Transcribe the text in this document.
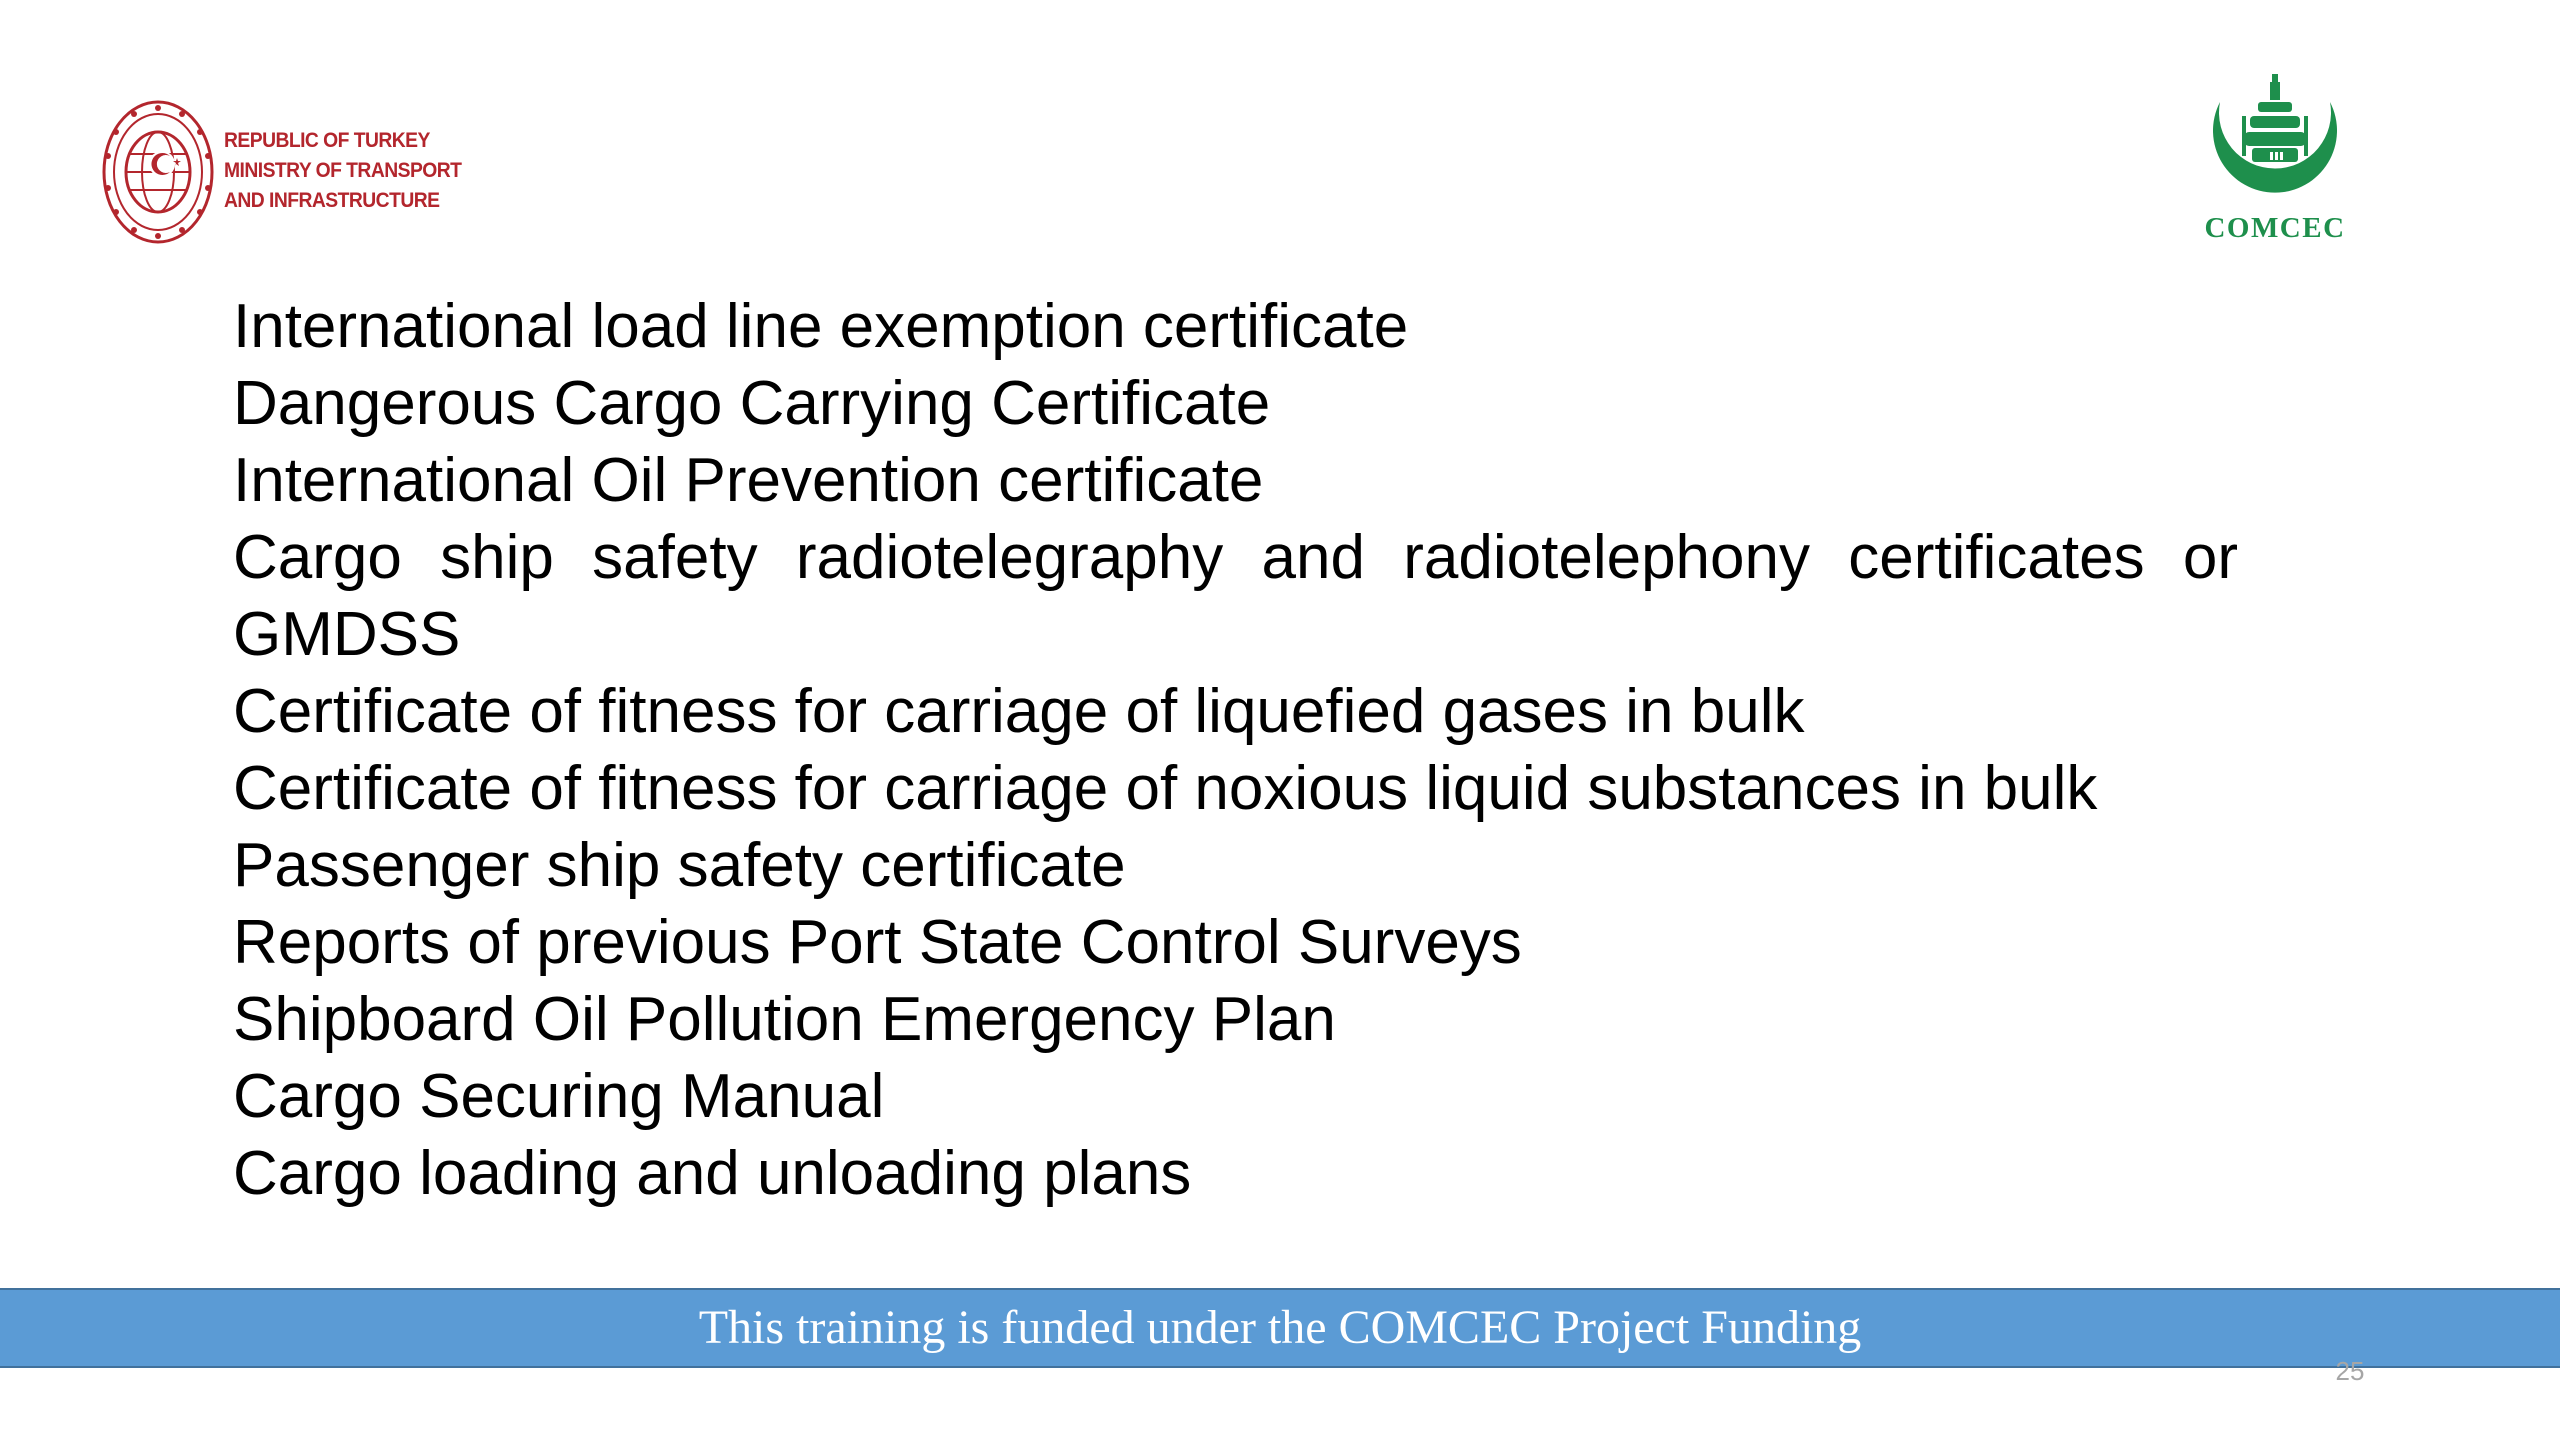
REPUBLIC OF TURKEY
MINISTRY OF TRANSPORT
AND INFRASTRUCTURE
COMCEC

International load line exemption certificate

Dangerous Cargo Carrying Certificate

International Oil Prevention certificate

Cargo ship safety radiotelegraphy and radiotelephony certificates or GMDSS

Certificate of fitness for carriage of liquefied gases in bulk

Certificate of fitness for carriage of noxious liquid substances in bulk

Passenger ship safety certificate

Reports of previous Port State Control Surveys

Shipboard Oil Pollution Emergency Plan

Cargo Securing Manual

Cargo loading and unloading plans

This training is funded under the COMCEC Project Funding
25
